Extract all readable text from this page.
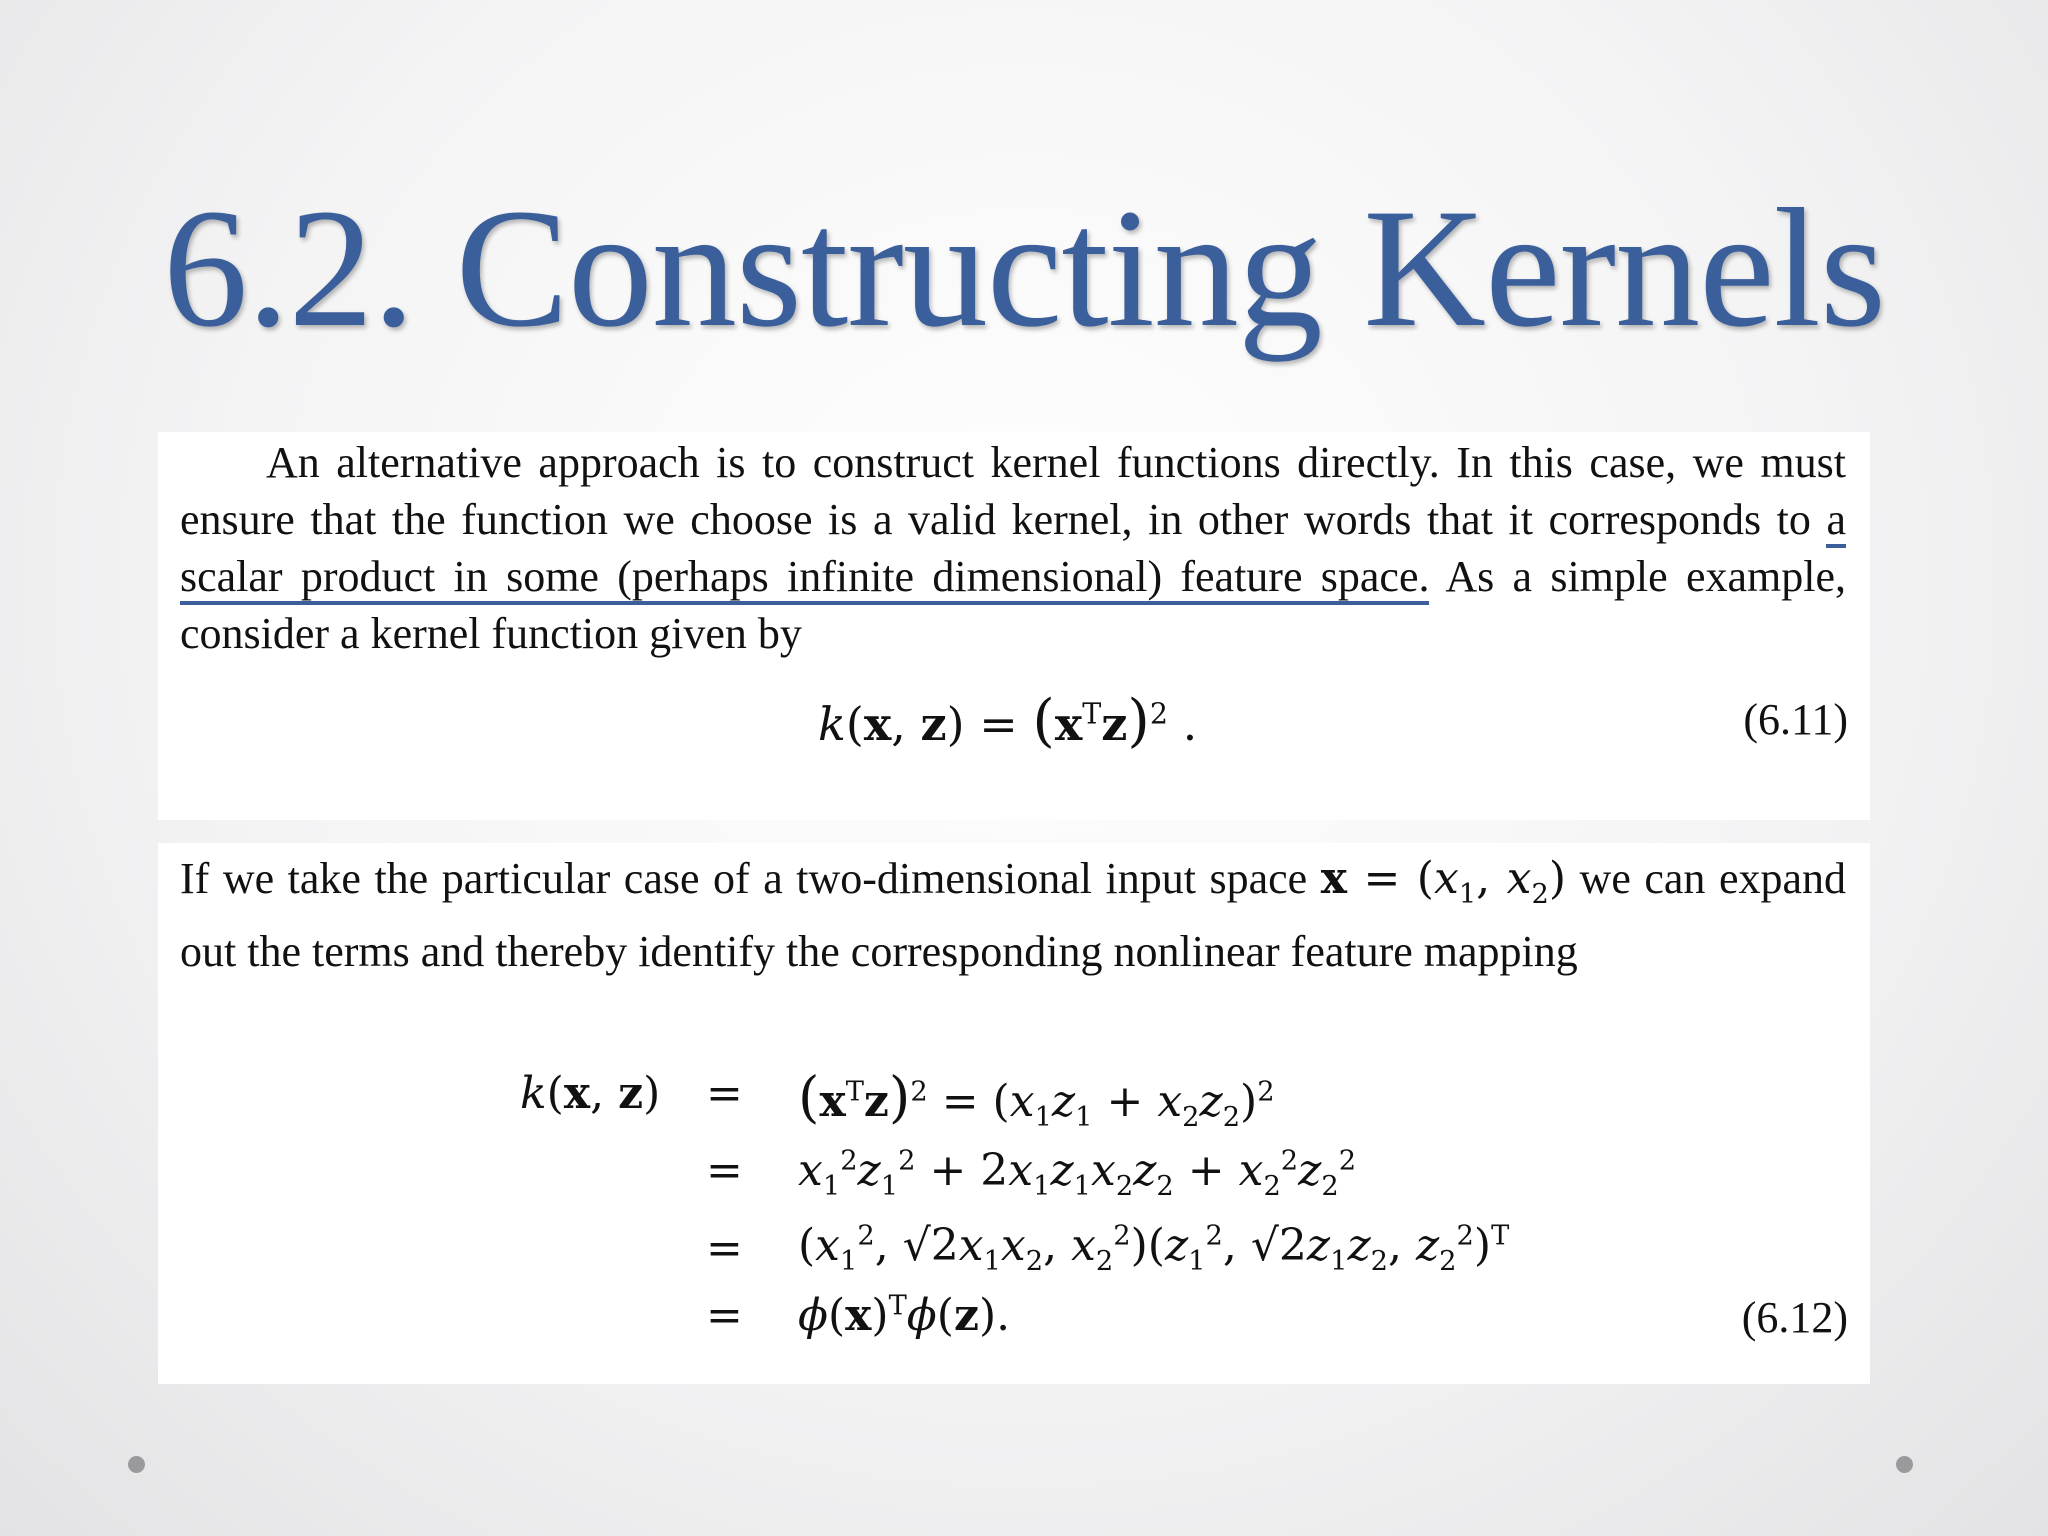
6.2. Constructing Kernels
An alternative approach is to construct kernel functions directly. In this case, we must ensure that the function we choose is a valid kernel, in other words that it corresponds to a scalar product in some (perhaps infinite dimensional) feature space. As a simple example, consider a kernel function given by
k(x, $z) = (x^Tz)^2$ .	(6.11)
If we take the particular case of a two-dimensional input space $x = (x_1$, $x_2$) we can expand out the terms and thereby identify the corresponding nonlinear feature mapping
k(x, $z) = (x^Tz)^2 = (x_1z_1 + x_2z_2)^2$
= $x_1^2z_1^2 + 2x_1z_1x_2z_2 + x_2^2z_2^2$
= ($x_1^2$, $√2x_1x_2$, $x_2^2)(z_1^2$, $√2z_1z_2$, $z_2^2)^T$
= $\phi(x)^T\phi(z)$.	(6.12)
